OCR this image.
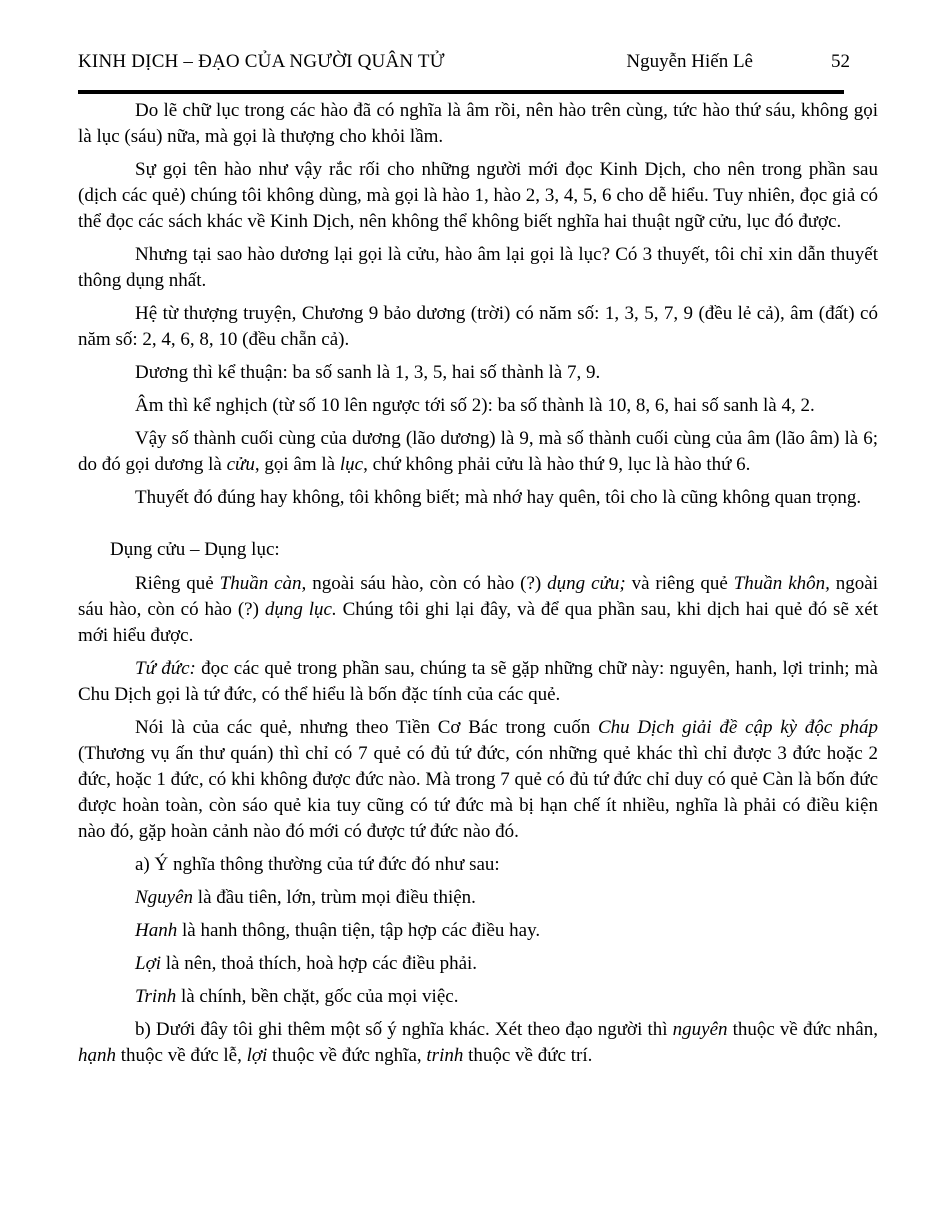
KINH DỊCH – ĐẠO CỦA NGƯỜI QUÂN TỬ	Nguyễn Hiến Lê	52

Do lẽ chữ lục trong các hào đã có nghĩa là âm rồi, nên hào trên cùng, tức hào thứ sáu, không gọi là lục (sáu) nữa, mà gọi là thượng cho khỏi lầm.

Sự gọi tên hào như vậy rắc rối cho những người mới đọc Kinh Dịch, cho nên trong phần sau (dịch các quẻ) chúng tôi không dùng, mà gọi là hào 1, hào 2, 3, 4, 5, 6 cho dễ hiểu. Tuy nhiên, đọc giả có thể đọc các sách khác về Kinh Dịch, nên không thể không biết nghĩa hai thuật ngữ cửu, lục đó được.

Nhưng tại sao hào dương lại gọi là cửu, hào âm lại gọi là lục? Có 3 thuyết, tôi chỉ xin dẫn thuyết thông dụng nhất.

Hệ từ thượng truyện, Chương 9 bảo dương (trời) có năm số: 1, 3, 5, 7, 9 (đều lẻ cả), âm (đất) có năm số: 2, 4, 6, 8, 10 (đều chẵn cả).

Dương thì kể thuận: ba số sanh là 1, 3, 5, hai số thành là 7, 9.

Âm thì kể nghịch (từ số 10 lên ngược tới số 2): ba số thành là 10, 8, 6, hai số sanh là 4, 2.

Vậy số thành cuối cùng của dương (lão dương) là 9, mà số thành cuối cùng của âm (lão âm) là 6; do đó gọi dương là cửu, gọi âm là lục, chứ không phải cửu là hào thứ 9, lục là hào thứ 6.

Thuyết đó đúng hay không, tôi không biết; mà nhớ hay quên, tôi cho là cũng không quan trọng.

Dụng cửu – Dụng lục:

Riêng quẻ Thuần càn, ngoài sáu hào, còn có hào (?) dụng cửu; và riêng quẻ Thuần khôn, ngoài sáu hào, còn có hào (?) dụng lục. Chúng tôi ghi lại đây, và để qua phần sau, khi dịch hai quẻ đó sẽ xét mới hiểu được.

Tứ đức: đọc các quẻ trong phần sau, chúng ta sẽ gặp những chữ này: nguyên, hanh, lợi trinh; mà Chu Dịch gọi là tứ đức, có thể hiểu là bốn đặc tính của các quẻ.

Nói là của các quẻ, nhưng theo Tiền Cơ Bác trong cuốn Chu Dịch giải đề cập kỳ độc pháp (Thương vụ ấn thư quán) thì chỉ có 7 quẻ có đủ tứ đức, cón những quẻ khác thì chỉ được 3 đức hoặc 2 đức, hoặc 1 đức, có khi không được đức nào. Mà trong 7 quẻ có đủ tứ đức chỉ duy có quẻ Càn là bốn đức được hoàn toàn, còn sáo quẻ kia tuy cũng có tứ đức mà bị hạn chế ít nhiều, nghĩa là phải có điều kiện nào đó, gặp hoàn cảnh nào đó mới có được tứ đức nào đó.

a) Ý nghĩa thông thường của tứ đức đó như sau:

Nguyên là đầu tiên, lớn, trùm mọi điều thiện.

Hanh là hanh thông, thuận tiện, tập hợp các điều hay.

Lợi là nên, thoả thích, hoà hợp các điều phải.

Trinh là chính, bền chặt, gốc của mọi việc.

b) Dưới đây tôi ghi thêm một số ý nghĩa khác. Xét theo đạo người thì nguyên thuộc về đức nhân, hạnh thuộc về đức lễ, lợi thuộc về đức nghĩa, trinh thuộc về đức trí.
